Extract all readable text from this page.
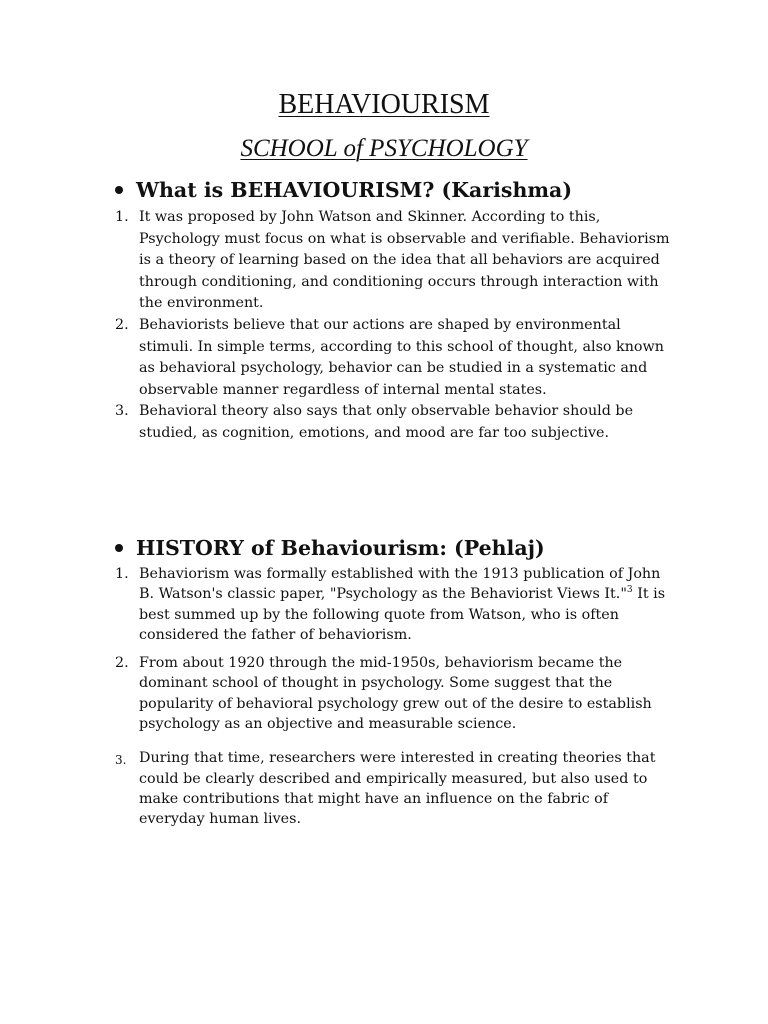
BEHAVIOURISM
SCHOOL of PSYCHOLOGY
What is BEHAVIOURISM? (Karishma)
1. It was proposed by John Watson and Skinner. According to this, Psychology must focus on what is observable and verifiable. Behaviorism is a theory of learning based on the idea that all behaviors are acquired through conditioning, and conditioning occurs through interaction with the environment.
2. Behaviorists believe that our actions are shaped by environmental stimuli. In simple terms, according to this school of thought, also known as behavioral psychology, behavior can be studied in a systematic and observable manner regardless of internal mental states.
3. Behavioral theory also says that only observable behavior should be studied, as cognition, emotions, and mood are far too subjective.
HISTORY of Behaviourism: (Pehlaj)
1. Behaviorism was formally established with the 1913 publication of John B. Watson's classic paper, "Psychology as the Behaviorist Views It."$^3$ It is best summed up by the following quote from Watson, who is often considered the father of behaviorism.
2. From about 1920 through the mid-1950s, behaviorism became the dominant school of thought in psychology. Some suggest that the popularity of behavioral psychology grew out of the desire to establish psychology as an objective and measurable science.
3. During that time, researchers were interested in creating theories that could be clearly described and empirically measured, but also used to make contributions that might have an influence on the fabric of everyday human lives.
